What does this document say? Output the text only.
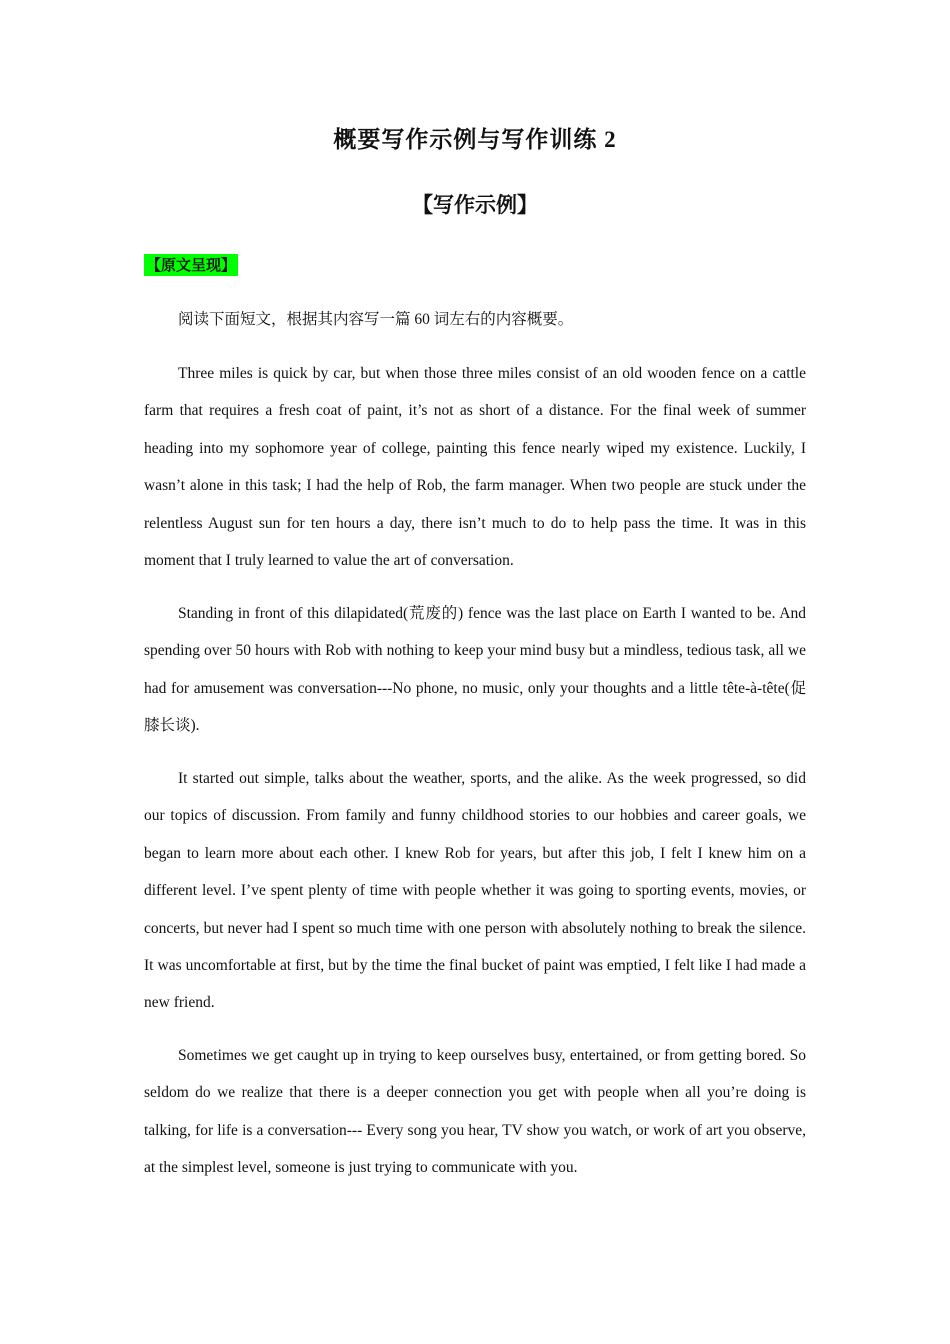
概要写作示例与写作训练 2
【写作示例】
【原文呈现】

阅读下面短文，根据其内容写一篇 60 词左右的内容概要。

Three miles is quick by car, but when those three miles consist of an old wooden fence on a cattle farm that requires a fresh coat of paint, it’s not as short of a distance. For the final week of summer heading into my sophomore year of college, painting this fence nearly wiped my existence. Luckily, I wasn’t alone in this task; I had the help of Rob, the farm manager. When two people are stuck under the relentless August sun for ten hours a day, there isn’t much to do to help pass the time. It was in this moment that I truly learned to value the art of conversation.

Standing in front of this dilapidated(荒废的) fence was the last place on Earth I wanted to be. And spending over 50 hours with Rob with nothing to keep your mind busy but a mindless, tedious task, all we had for amusement was conversation---No phone, no music, only your thoughts and a little tête-à-tête(促膝长谈).

It started out simple, talks about the weather, sports, and the alike. As the week progressed, so did our topics of discussion. From family and funny childhood stories to our hobbies and career goals, we began to learn more about each other. I knew Rob for years, but after this job, I felt I knew him on a different level. I’ve spent plenty of time with people whether it was going to sporting events, movies, or concerts, but never had I spent so much time with one person with absolutely nothing to break the silence. It was uncomfortable at first, but by the time the final bucket of paint was emptied, I felt like I had made a new friend.

Sometimes we get caught up in trying to keep ourselves busy, entertained, or from getting bored. So seldom do we realize that there is a deeper connection you get with people when all you’re doing is talking, for life is a conversation--- Every song you hear, TV show you watch, or work of art you observe, at the simplest level, someone is just trying to communicate with you.
